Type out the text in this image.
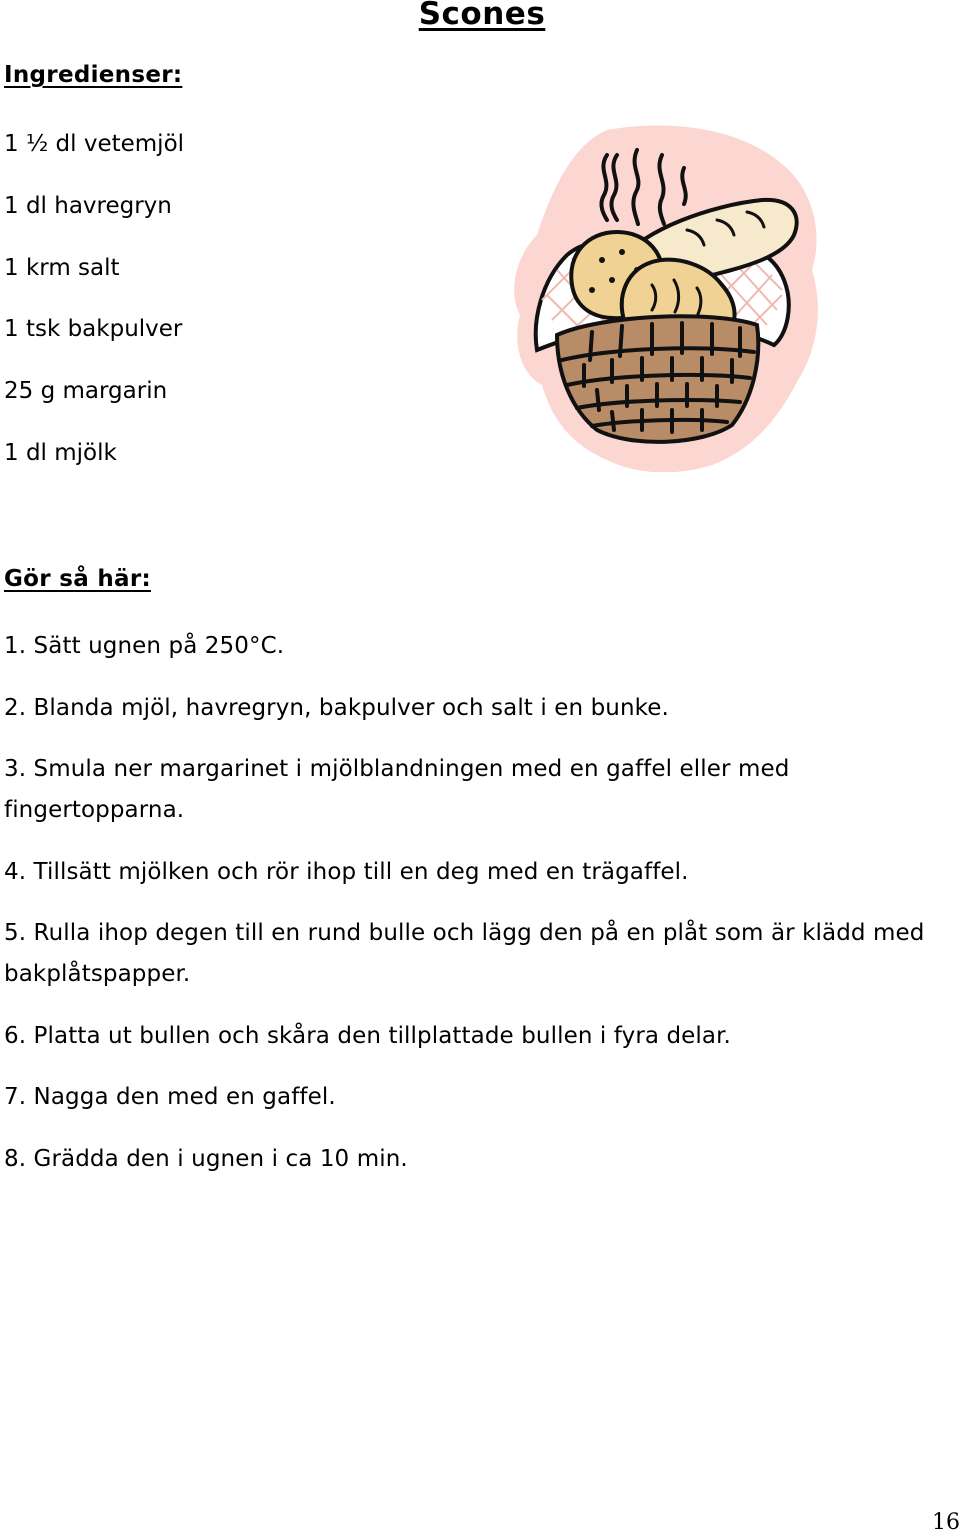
Scones
Ingredienser:
1 ½ dl vetemjöl
1 dl havregryn
1 krm salt
1 tsk bakpulver
25 g margarin
1 dl mjölk
Gör så här:
1. Sätt ugnen på 250°C.
2. Blanda mjöl, havregryn, bakpulver och salt i en bunke.
3. Smula ner margarinet i mjölblandningen med en gaffel eller med fingertopparna.
4. Tillsätt mjölken och rör ihop till en deg med en trägaffel.
5. Rulla ihop degen till en rund bulle och lägg den på en plåt som är klädd med bakplåtspapper.
6. Platta ut bullen och skåra den tillplattade bullen i fyra delar.
7. Nagga den med en gaffel.
8. Grädda den i ugnen i ca 10 min.
16
